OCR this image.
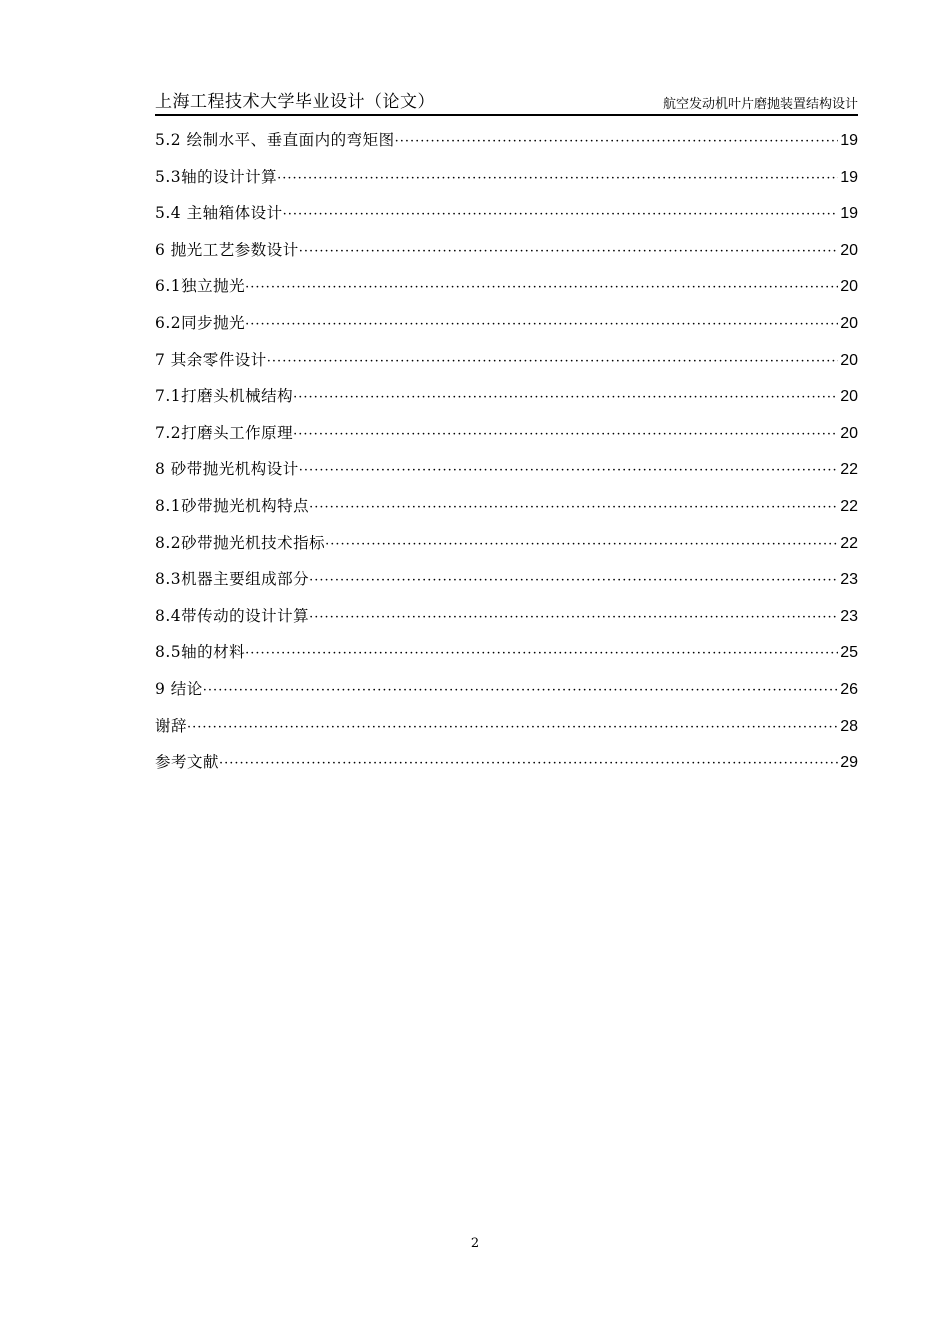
上海工程技术大学毕业设计（论文）	航空发动机叶片磨抛装置结构设计
5.2 绘制水平、垂直面内的弯矩图 ·····	19
5.3轴的设计计算 ·····	19
5.4 主轴箱体设计 ·····	19
6 抛光工艺参数设计 ·····	20
6.1独立抛光 ·····	20
6.2同步抛光 ·····	20
7 其余零件设计 ·····	20
7.1打磨头机械结构 ·····	20
7.2打磨头工作原理 ·····	20
8 砂带抛光机构设计 ·····	22
8.1砂带抛光机构特点 ·····	22
8.2砂带抛光机技术指标 ·····	22
8.3机器主要组成部分 ·····	23
8.4带传动的设计计算 ·····	23
8.5轴的材料 ·····	25
9 结论 ·····	26
谢辞 ·····	28
参考文献 ·····	29
2
